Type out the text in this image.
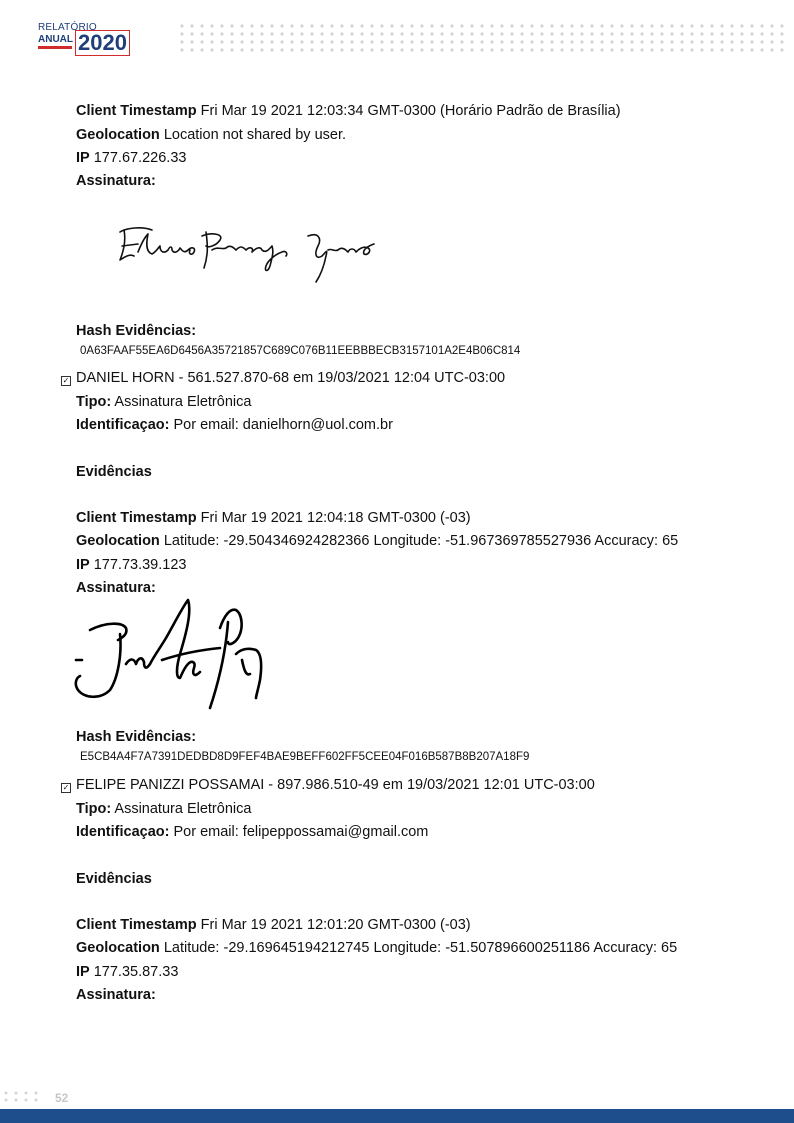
RELATÓRIO
ANUAL 2020
Client Timestamp Fri Mar 19 2021 12:03:34 GMT-0300 (Horário Padrão de Brasília)
Geolocation Location not shared by user.
IP 177.67.226.33
Assinatura:
Hash Evidências:
0A63FAAF55EA6D6456A35721857C689C076B11EEBBBECB3157101A2E4B06C814
✓ DANIEL HORN - 561.527.870-68 em 19/03/2021 12:04 UTC-03:00
Tipo: Assinatura Eletrônica
Identificaçao: Por email: danielhorn@uol.com.br
Evidências
Client Timestamp Fri Mar 19 2021 12:04:18 GMT-0300 (-03)
Geolocation Latitude: -29.504346924282366 Longitude: -51.967369785527936 Accuracy: 65
IP 177.73.39.123
Assinatura:
Hash Evidências:
E5CB4A4F7A7391DEDBD8D9FEF4BAE9BEFF602FF5CEE04F016B587B8B207A18F9
✓ FELIPE PANIZZI POSSAMAI - 897.986.510-49 em 19/03/2021 12:01 UTC-03:00
Tipo: Assinatura Eletrônica
Identificaçao: Por email: felipeppossamai@gmail.com
Evidências
Client Timestamp Fri Mar 19 2021 12:01:20 GMT-0300 (-03)
Geolocation Latitude: -29.169645194212745 Longitude: -51.507896600251186 Accuracy: 65
IP 177.35.87.33
Assinatura:
52
